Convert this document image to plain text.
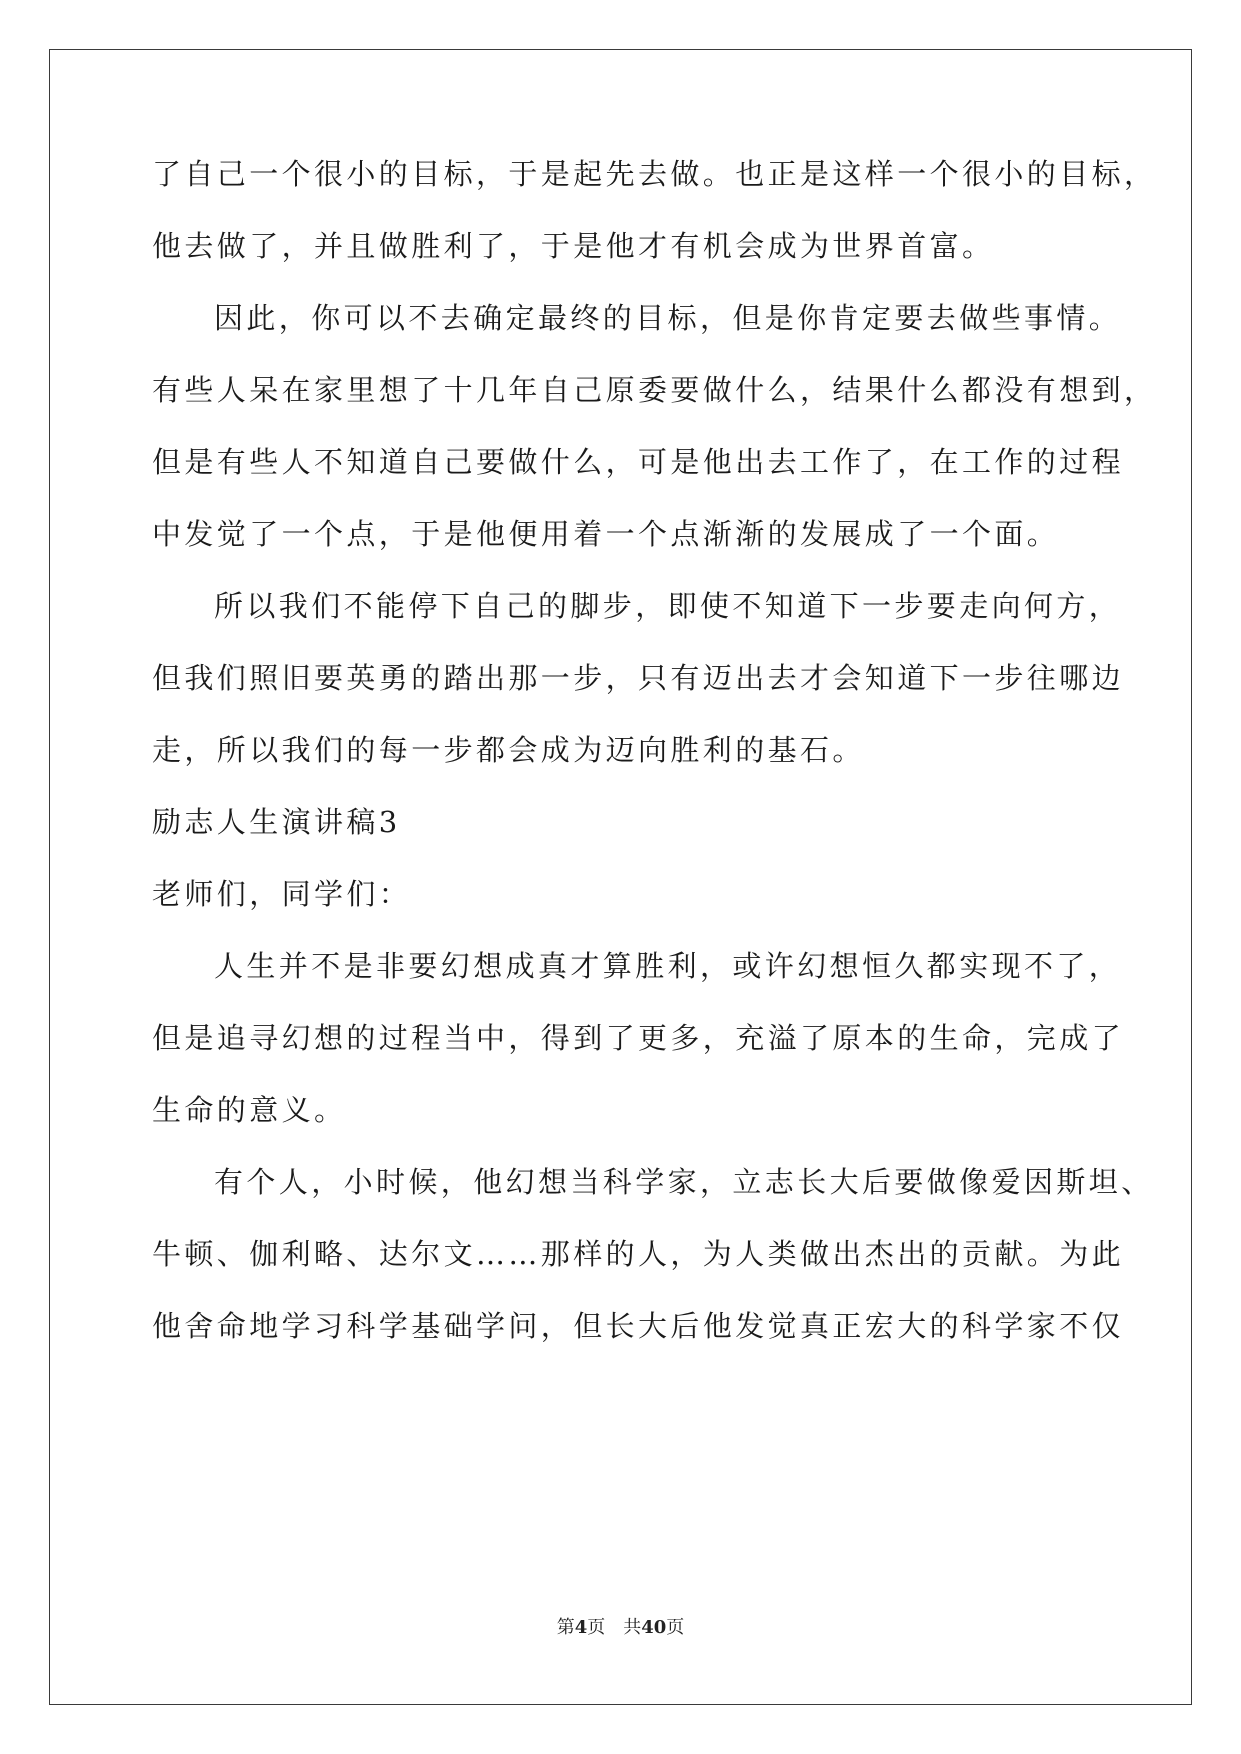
了自己一个很小的目标，于是起先去做。也正是这样一个很小的目标，

他去做了，并且做胜利了，于是他才有机会成为世界首富。

因此，你可以不去确定最终的目标，但是你肯定要去做些事情。

有些人呆在家里想了十几年自己原委要做什么，结果什么都没有想到，

但是有些人不知道自己要做什么，可是他出去工作了，在工作的过程

中发觉了一个点，于是他便用着一个点渐渐的发展成了一个面。

所以我们不能停下自己的脚步，即使不知道下一步要走向何方，

但我们照旧要英勇的踏出那一步，只有迈出去才会知道下一步往哪边

走，所以我们的每一步都会成为迈向胜利的基石。

励志人生演讲稿3

老师们，同学们：

人生并不是非要幻想成真才算胜利，或许幻想恒久都实现不了，

但是追寻幻想的过程当中，得到了更多，充溢了原本的生命，完成了

生命的意义。

有个人，小时候，他幻想当科学家，立志长大后要做像爱因斯坦、

牛顿、伽利略、达尔文……那样的人，为人类做出杰出的贡献。为此

他舍命地学习科学基础学问，但长大后他发觉真正宏大的科学家不仅

第4页 共40页
